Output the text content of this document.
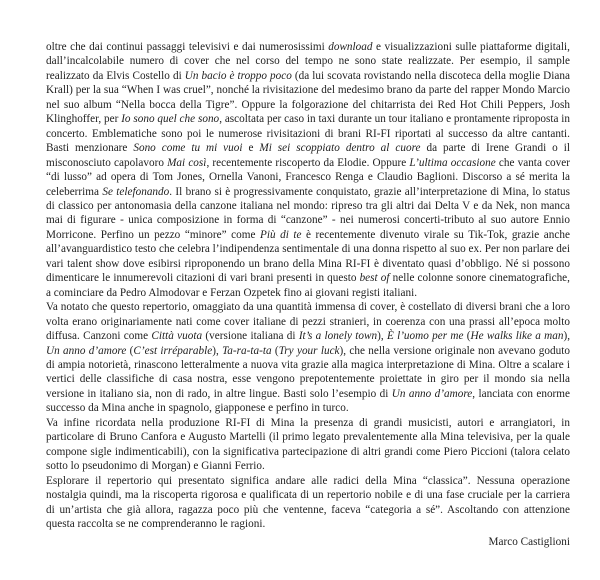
oltre che dai continui passaggi televisivi e dai numerosissimi download e visualizzazioni sulle piattaforme digitali, dall’incalcolabile numero di cover che nel corso del tempo ne sono state realizzate. Per esempio, il sample realizzato da Elvis Costello di Un bacio è troppo poco (da lui scovata rovistando nella discoteca della moglie Diana Krall) per la sua “When I was cruel”, nonché la rivisitazione del medesimo brano da parte del rapper Mondo Marcio nel suo album “Nella bocca della Tigre”. Oppure la folgorazione del chitarrista dei Red Hot Chili Peppers, Josh Klinghoffer, per Io sono quel che sono, ascoltata per caso in taxi durante un tour italiano e prontamente riproposta in concerto. Emblematiche sono poi le numerose rivisitazioni di brani RI-FI riportati al successo da altre cantanti. Basti menzionare Sono come tu mi vuoi e Mi sei scoppiato dentro al cuore da parte di Irene Grandi o il misconosciuto capolavoro Mai così, recentemente riscoperto da Elodie. Oppure L’ultima occasione che vanta cover “di lusso” ad opera di Tom Jones, Ornella Vanoni, Francesco Renga e Claudio Baglioni. Discorso a sé merita la celeberrima Se telefonando. Il brano si è progressivamente conquistato, grazie all’interpretazione di Mina, lo status di classico per antonomasia della canzone italiana nel mondo: ripreso tra gli altri dai Delta V e da Nek, non manca mai di figurare - unica composizione in forma di “canzone” - nei numerosi concerti-tributo al suo autore Ennio Morricone. Perfino un pezzo “minore” come Più di te è recentemente divenuto virale su Tik-Tok, grazie anche all’avanguardistico testo che celebra l’indipendenza sentimentale di una donna rispetto al suo ex. Per non parlare dei vari talent show dove esibirsi riproponendo un brano della Mina RI-FI è diventato quasi d’obbligo. Né si possono dimenticare le innumerevoli citazioni di vari brani presenti in questo best of nelle colonne sonore cinematografiche, a cominciare da Pedro Almodovar e Ferzan Ozpetek fino ai giovani registi italiani.

Va notato che questo repertorio, omaggiato da una quantità immensa di cover, è costellato di diversi brani che a loro volta erano originariamente nati come cover italiane di pezzi stranieri, in coerenza con una prassi all’epoca molto diffusa. Canzoni come Città vuota (versione italiana di It’s a lonely town), È l’uomo per me (He walks like a man), Un anno d’amore (C’est irréparable), Ta-ra-ta-ta (Try your luck), che nella versione originale non avevano goduto di ampia notorietà, rinascono letteralmente a nuova vita grazie alla magica interpretazione di Mina. Oltre a scalare i vertici delle classifiche di casa nostra, esse vengono prepotentemente proiettate in giro per il mondo sia nella versione in italiano sia, non di rado, in altre lingue. Basti solo l’esempio di Un anno d’amore, lanciata con enorme successo da Mina anche in spagnolo, giapponese e perfino in turco.

Va infine ricordata nella produzione RI-FI di Mina la presenza di grandi musicisti, autori e arrangiatori, in particolare di Bruno Canfora e Augusto Martelli (il primo legato prevalentemente alla Mina televisiva, per la quale compone sigle indimenticabili), con la significativa partecipazione di altri grandi come Piero Piccioni (talora celato sotto lo pseudonimo di Morgan) e Gianni Ferrio.

Esplorare il repertorio qui presentato significa andare alle radici della Mina “classica”. Nessuna operazione nostalgia quindi, ma la riscoperta rigorosa e qualificata di un repertorio nobile e di una fase cruciale per la carriera di un’artista che già allora, ragazza poco più che ventenne, faceva “categoria a sé”. Ascoltando con attenzione questa raccolta se ne comprenderanno le ragioni.

Marco Castiglioni
